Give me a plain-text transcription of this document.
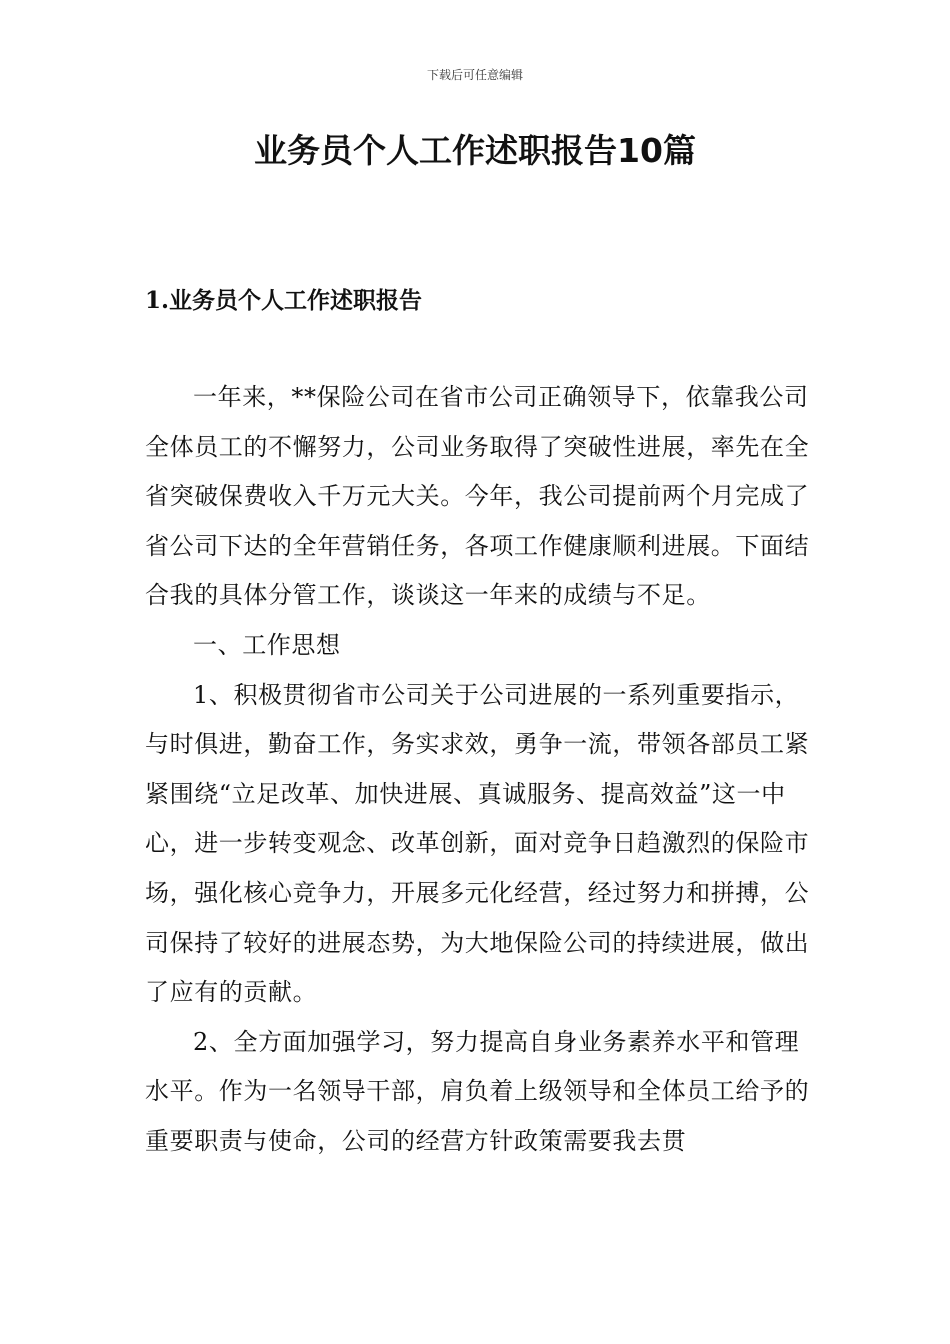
下载后可任意编辑
业务员个人工作述职报告10篇
1.业务员个人工作述职报告

一年来，**保险公司在省市公司正确领导下，依靠我公司全体员工的不懈努力，公司业务取得了突破性进展，率先在全省突破保费收入千万元大关。今年，我公司提前两个月完成了省公司下达的全年营销任务，各项工作健康顺利进展。下面结合我的具体分管工作，谈谈这一年来的成绩与不足。

一、工作思想

1、积极贯彻省市公司关于公司进展的一系列重要指示，与时俱进，勤奋工作，务实求效，勇争一流，带领各部员工紧紧围绕“立足改革、加快进展、真诚服务、提高效益”这一中心，进一步转变观念、改革创新，面对竞争日趋激烈的保险市场，强化核心竞争力，开展多元化经营，经过努力和拼搏，公司保持了较好的进展态势，为大地保险公司的持续进展，做出了应有的贡献。

2、全方面加强学习，努力提高自身业务素养水平和管理水平。作为一名领导干部，肩负着上级领导和全体员工给予的重要职责与使命，公司的经营方针政策需要我去贯
